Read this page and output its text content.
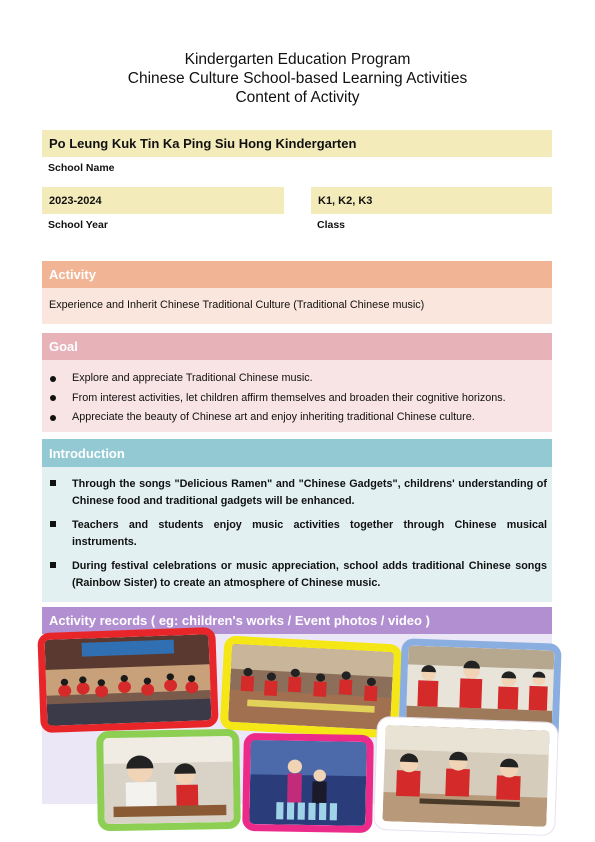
Kindergarten Education Program
Chinese Culture School-based Learning Activities
Content of Activity
Po Leung Kuk Tin Ka Ping Siu Hong Kindergarten
School Name
2023-2024
School Year
K1, K2, K3
Class
Activity
Experience and Inherit Chinese Traditional Culture (Traditional Chinese music)
Goal
Explore and appreciate Traditional Chinese music.
From interest activities, let children affirm themselves and broaden their cognitive horizons.
Appreciate the beauty of Chinese art and enjoy inheriting traditional Chinese culture.
Introduction
Through the songs "Delicious Ramen" and "Chinese Gadgets", childrens' understanding of Chinese food and traditional gadgets will be enhanced.
Teachers and students enjoy music activities together through Chinese musical instruments.
During festival celebrations or music appreciation, school adds traditional Chinese songs (Rainbow Sister) to create an atmosphere of Chinese music.
Activity records ( eg: children's works / Event photos / video )
